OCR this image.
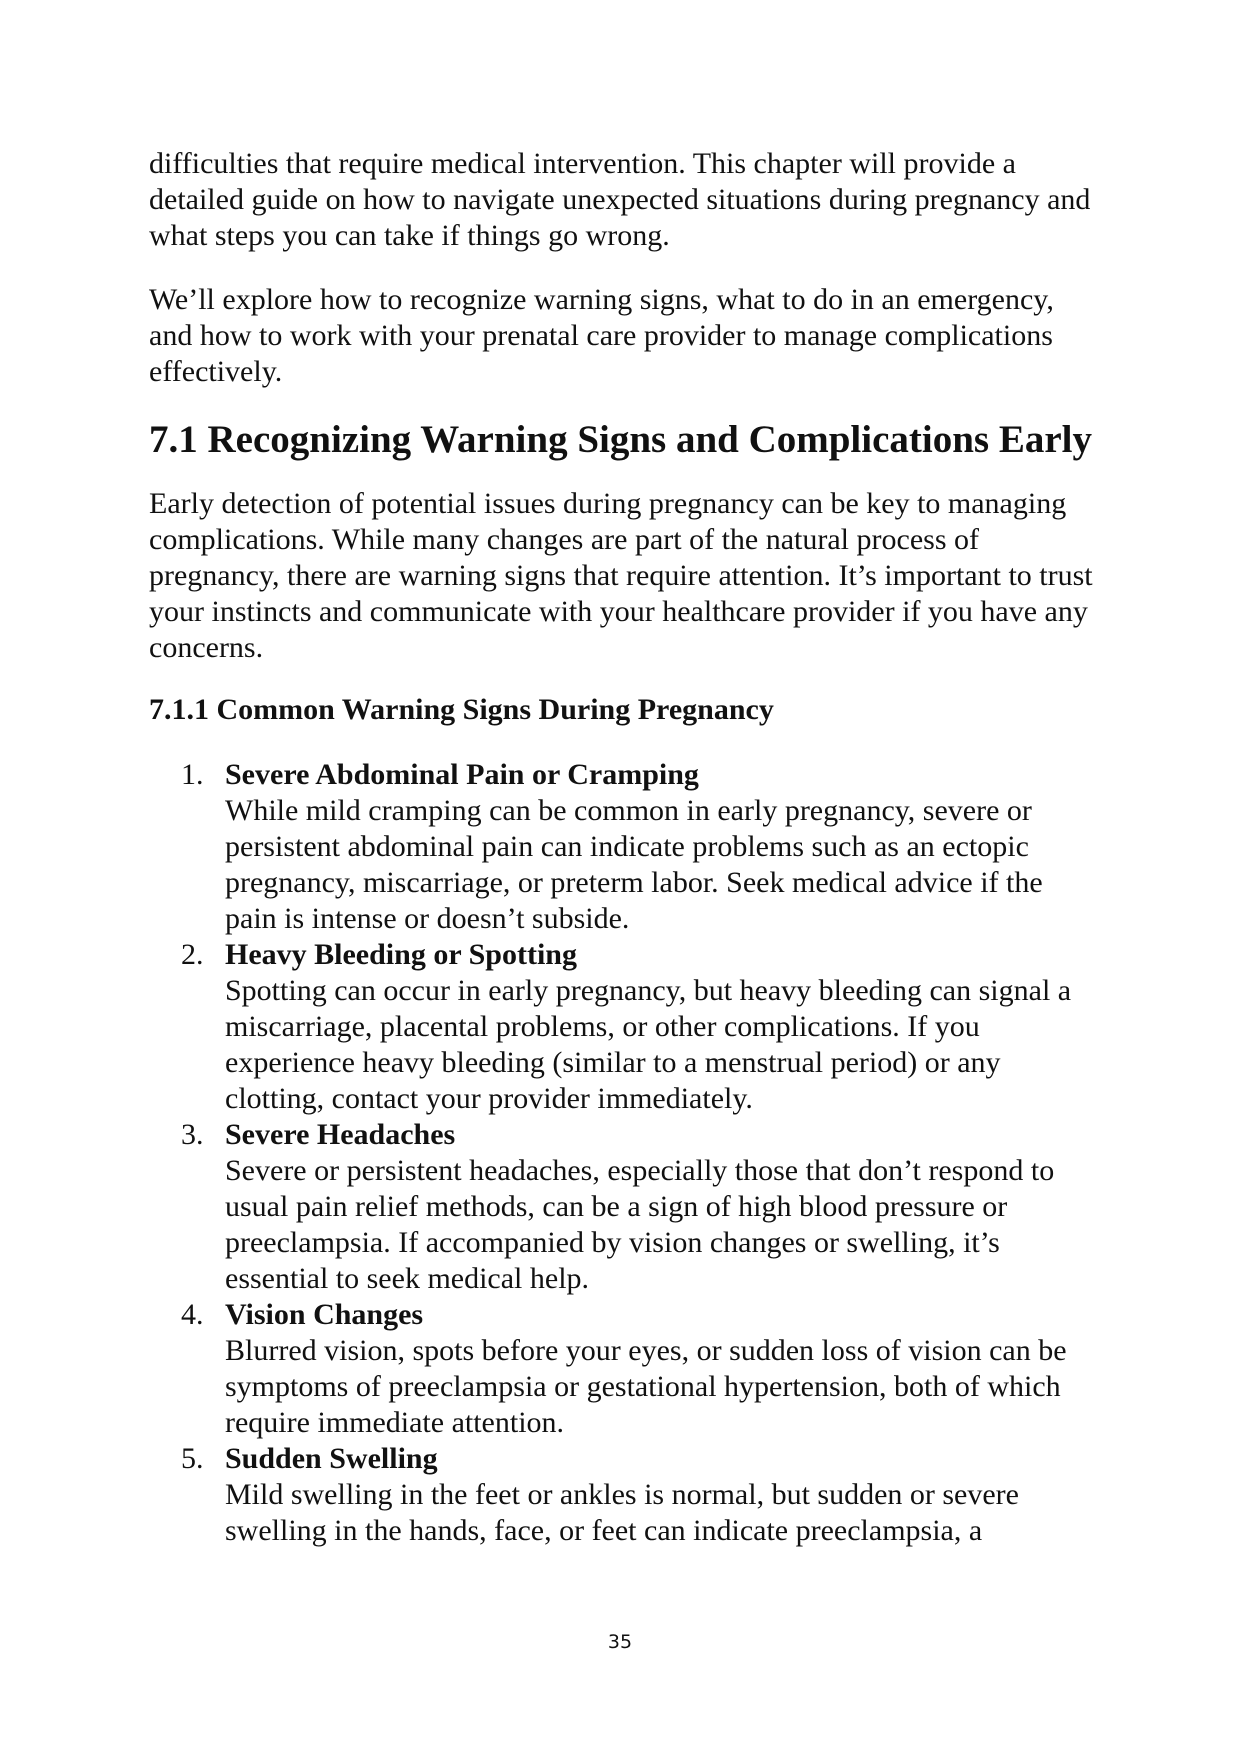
difficulties that require medical intervention. This chapter will provide a detailed guide on how to navigate unexpected situations during pregnancy and what steps you can take if things go wrong.

We’ll explore how to recognize warning signs, what to do in an emergency, and how to work with your prenatal care provider to manage complications effectively.

7.1 Recognizing Warning Signs and Complications Early

Early detection of potential issues during pregnancy can be key to managing complications. While many changes are part of the natural process of pregnancy, there are warning signs that require attention. It’s important to trust your instincts and communicate with your healthcare provider if you have any concerns.

7.1.1 Common Warning Signs During Pregnancy
1. Severe Abdominal Pain or Cramping
While mild cramping can be common in early pregnancy, severe or persistent abdominal pain can indicate problems such as an ectopic pregnancy, miscarriage, or preterm labor. Seek medical advice if the pain is intense or doesn’t subside.
2. Heavy Bleeding or Spotting
Spotting can occur in early pregnancy, but heavy bleeding can signal a miscarriage, placental problems, or other complications. If you experience heavy bleeding (similar to a menstrual period) or any clotting, contact your provider immediately.
3. Severe Headaches
Severe or persistent headaches, especially those that don’t respond to usual pain relief methods, can be a sign of high blood pressure or preeclampsia. If accompanied by vision changes or swelling, it’s essential to seek medical help.
4. Vision Changes
Blurred vision, spots before your eyes, or sudden loss of vision can be symptoms of preeclampsia or gestational hypertension, both of which require immediate attention.
5. Sudden Swelling
Mild swelling in the feet or ankles is normal, but sudden or severe swelling in the hands, face, or feet can indicate preeclampsia, a
35
